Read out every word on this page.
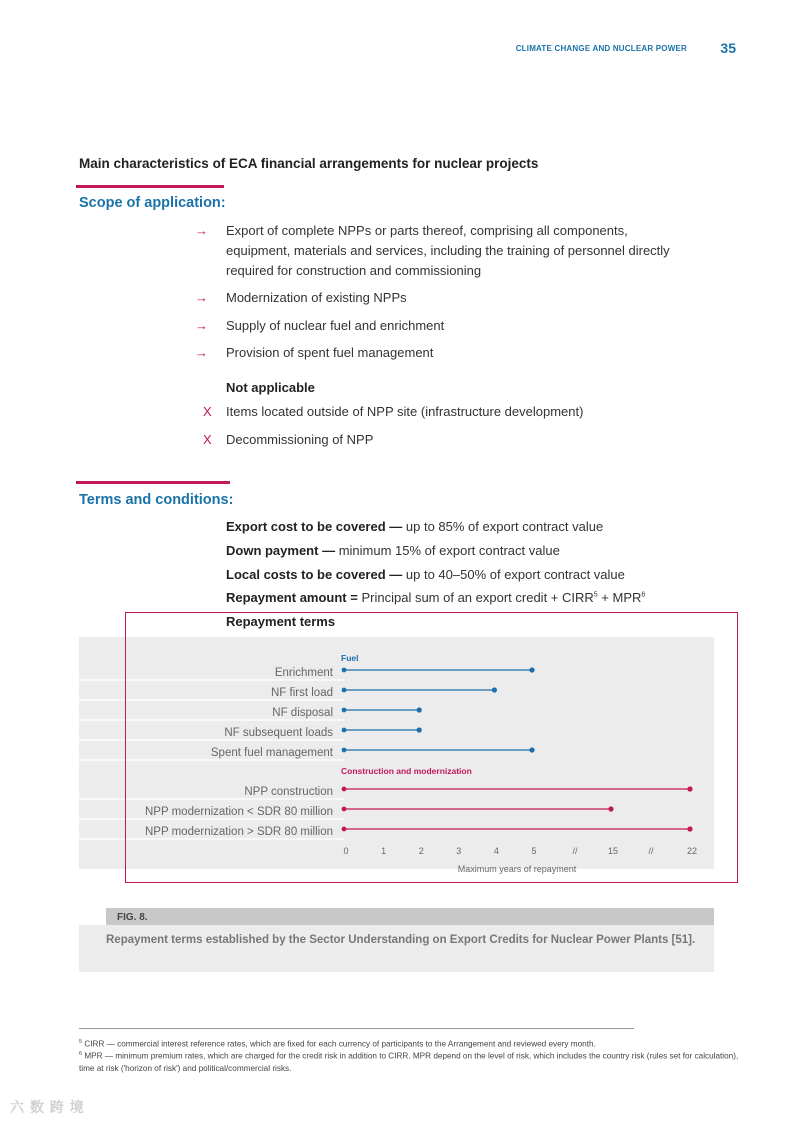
CLIMATE CHANGE AND NUCLEAR POWER 35
Main characteristics of ECA financial arrangements for nuclear projects
Scope of application:
→	Export of complete NPPs or parts thereof, comprising all components,
equipment, materials and services, including the training of personnel directly
required for construction and commissioning
→	Modernization of existing NPPs
→	Supply of nuclear fuel and enrichment
→	Provision of spent fuel management
Not applicable
X	Items located outside of NPP site (infrastructure development)
X	Decommissioning of NPP
Terms and conditions:
Export cost to be covered — up to 85% of export contract value
Down payment — minimum 15% of export contract value
Local costs to be covered — up to 40–50% of export contract value
Repayment amount = Principal sum of an export credit + $CIRR^5 + MPR^6$
Repayment terms
Fuel
Enrichment
NF first load
NF disposal
NF subsequent loads
Spent fuel management
Construction and modernization
NPP construction
NPP modernization < SDR 80 million
NPP modernization > SDR 80 million
0	1	2	3	4	5	//	15	//	22
Maximum years of repayment
FIG. 8.
Repayment terms established by the Sector Understanding on Export Credits for Nuclear Power Plants [51].
$^5$ CIRR — commercial interest reference rates, which are fixed for each currency of participants to the Arrangement and reviewed every month.
$^6$ MPR — minimum premium rates, which are charged for the credit risk in addition to CIRR. MPR depend on the level of risk, which includes the country risk (rules set for calculation), time at risk ('horizon of risk') and political/commercial risks.
六 数 跨 境
